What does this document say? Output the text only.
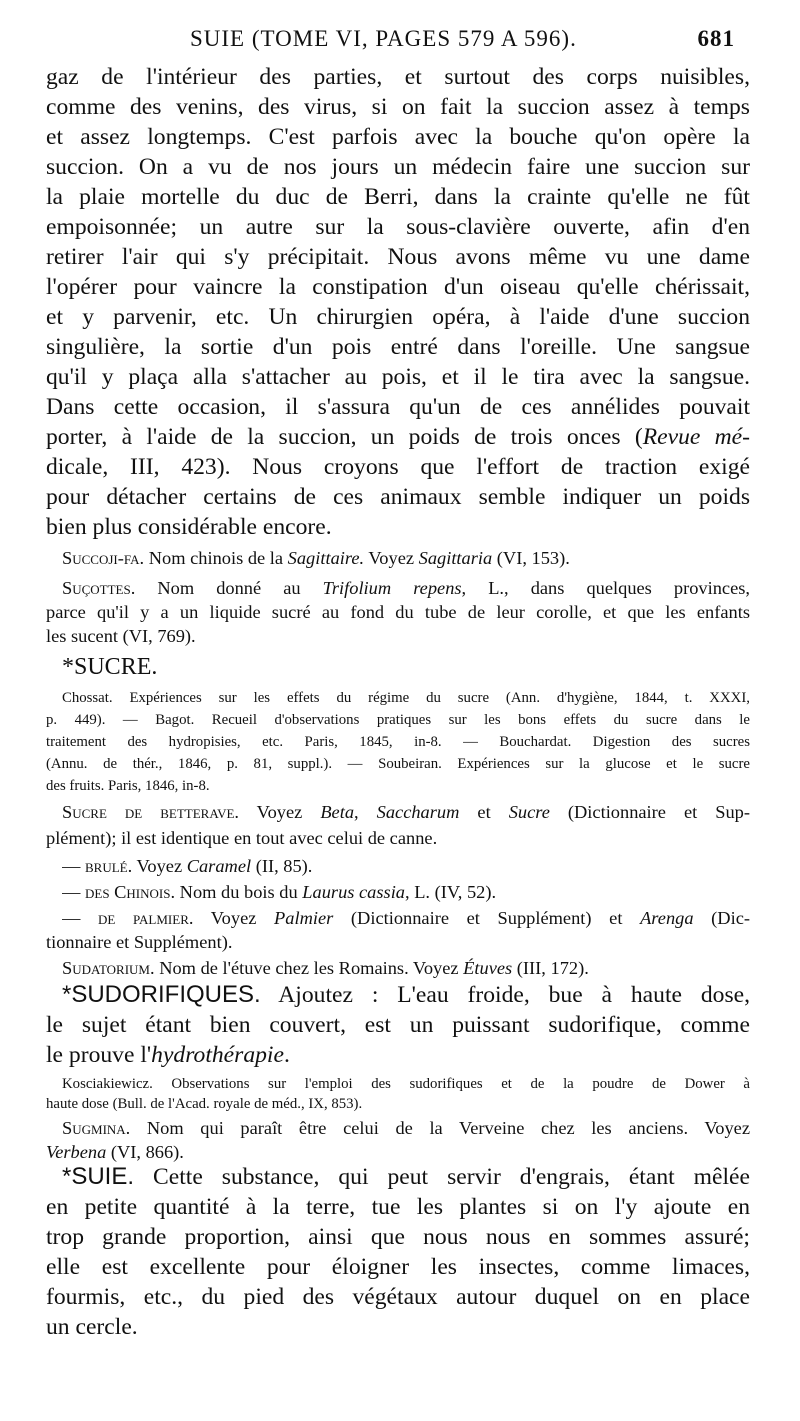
SUIE (TOME VI, PAGES 579 A 596).	681
gaz de l'intérieur des parties, et surtout des corps nuisibles,
comme des venins, des virus, si on fait la succion assez à temps
et assez longtemps. C'est parfois avec la bouche qu'on opère la
succion. On a vu de nos jours un médecin faire une succion sur
la plaie mortelle du duc de Berri, dans la crainte qu'elle ne fût
empoisonnée; un autre sur la sous-clavière ouverte, afin d'en
retirer l'air qui s'y précipitait. Nous avons même vu une dame
l'opérer pour vaincre la constipation d'un oiseau qu'elle chérissait,
et y parvenir, etc. Un chirurgien opéra, à l'aide d'une succion
singulière, la sortie d'un pois entré dans l'oreille. Une sangsue
qu'il y plaça alla s'attacher au pois, et il le tira avec la sangsue.
Dans cette occasion, il s'assura qu'un de ces annélides pouvait
porter, à l'aide de la succion, un poids de trois onces (Revue mé-
dicale, III, 423). Nous croyons que l'effort de traction exigé
pour détacher certains de ces animaux semble indiquer un poids
bien plus considérable encore.
Succoji-fa. Nom chinois de la Sagittaire. Voyez Sagittaria (VI, 153).
Suçottes. Nom donné au Trifolium repens, L., dans quelques provinces,
parce qu'il y a un liquide sucré au fond du tube de leur corolle, et que les enfants
les sucent (VI, 769).
*SUCRE.
Chossat. Expériences sur les effets du régime du sucre (Ann. d'hygiène, 1844, t. XXXI,
p. 449). — Bagot. Recueil d'observations pratiques sur les bons effets du sucre dans le
traitement des hydropisies, etc. Paris, 1845, in-8. — Bouchardat. Digestion des sucres
(Annu. de thér., 1846, p. 81, suppl.). — Soubeiran. Expériences sur la glucose et le sucre
des fruits. Paris, 1846, in-8.
Sucre de betterave. Voyez Beta, Saccharum et Sucre (Dictionnaire et Sup-
plément); il est identique en tout avec celui de canne.
— brulé. Voyez Caramel (II, 85).
— des Chinois. Nom du bois du Laurus cassia, L. (IV, 52).
— de palmier. Voyez Palmier (Dictionnaire et Supplément) et Arenga (Dic-
tionnaire et Supplément).
Sudatorium. Nom de l'étuve chez les Romains. Voyez Étuves (III, 172).
*SUDORIFIQUES. Ajoutez : L'eau froide, bue à haute dose,
le sujet étant bien couvert, est un puissant sudorifique, comme
le prouve l'hydrothérapie.
Kosciakiewicz. Observations sur l'emploi des sudorifiques et de la poudre de Dower à
haute dose (Bull. de l'Acad. royale de méd., IX, 853).
Sugmina. Nom qui paraît être celui de la Verveine chez les anciens. Voyez
Verbena (VI, 866).
*SUIE. Cette substance, qui peut servir d'engrais, étant mêlée
en petite quantité à la terre, tue les plantes si on l'y ajoute en
trop grande proportion, ainsi que nous nous en sommes assuré;
elle est excellente pour éloigner les insectes, comme limaces,
fourmis, etc., du pied des végétaux autour duquel on en place
un cercle.
